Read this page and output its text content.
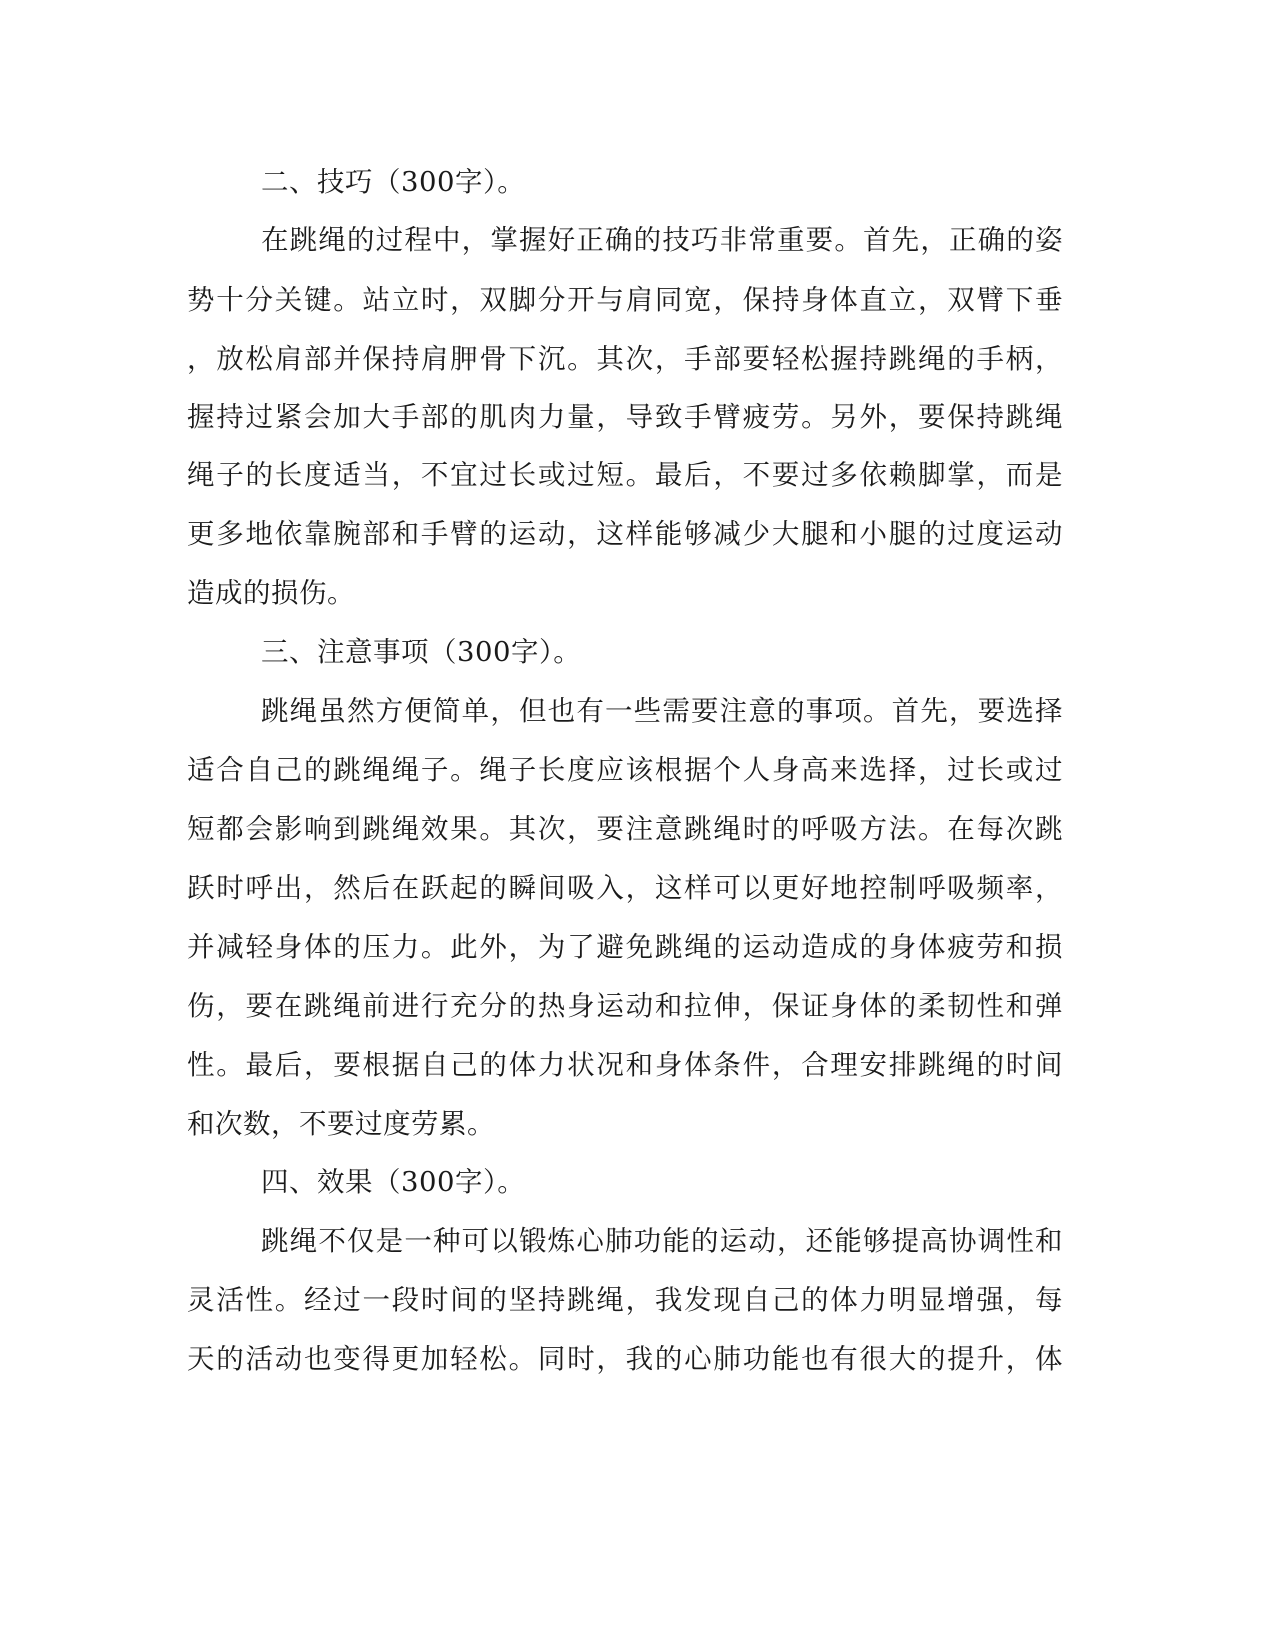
二、技巧（300字）。
在跳绳的过程中，掌握好正确的技巧非常重要。首先，正确的姿
势十分关键。站立时，双脚分开与肩同宽，保持身体直立，双臂下垂
，放松肩部并保持肩胛骨下沉。其次，手部要轻松握持跳绳的手柄，
握持过紧会加大手部的肌肉力量，导致手臂疲劳。另外，要保持跳绳
绳子的长度适当，不宜过长或过短。最后，不要过多依赖脚掌，而是
更多地依靠腕部和手臂的运动，这样能够减少大腿和小腿的过度运动
造成的损伤。
三、注意事项（300字）。
跳绳虽然方便简单，但也有一些需要注意的事项。首先，要选择
适合自己的跳绳绳子。绳子长度应该根据个人身高来选择，过长或过
短都会影响到跳绳效果。其次，要注意跳绳时的呼吸方法。在每次跳
跃时呼出，然后在跃起的瞬间吸入，这样可以更好地控制呼吸频率，
并减轻身体的压力。此外，为了避免跳绳的运动造成的身体疲劳和损
伤，要在跳绳前进行充分的热身运动和拉伸，保证身体的柔韧性和弹
性。最后，要根据自己的体力状况和身体条件，合理安排跳绳的时间
和次数，不要过度劳累。
四、效果（300字）。
跳绳不仅是一种可以锻炼心肺功能的运动，还能够提高协调性和
灵活性。经过一段时间的坚持跳绳，我发现自己的体力明显增强，每
天的活动也变得更加轻松。同时，我的心肺功能也有很大的提升，体
